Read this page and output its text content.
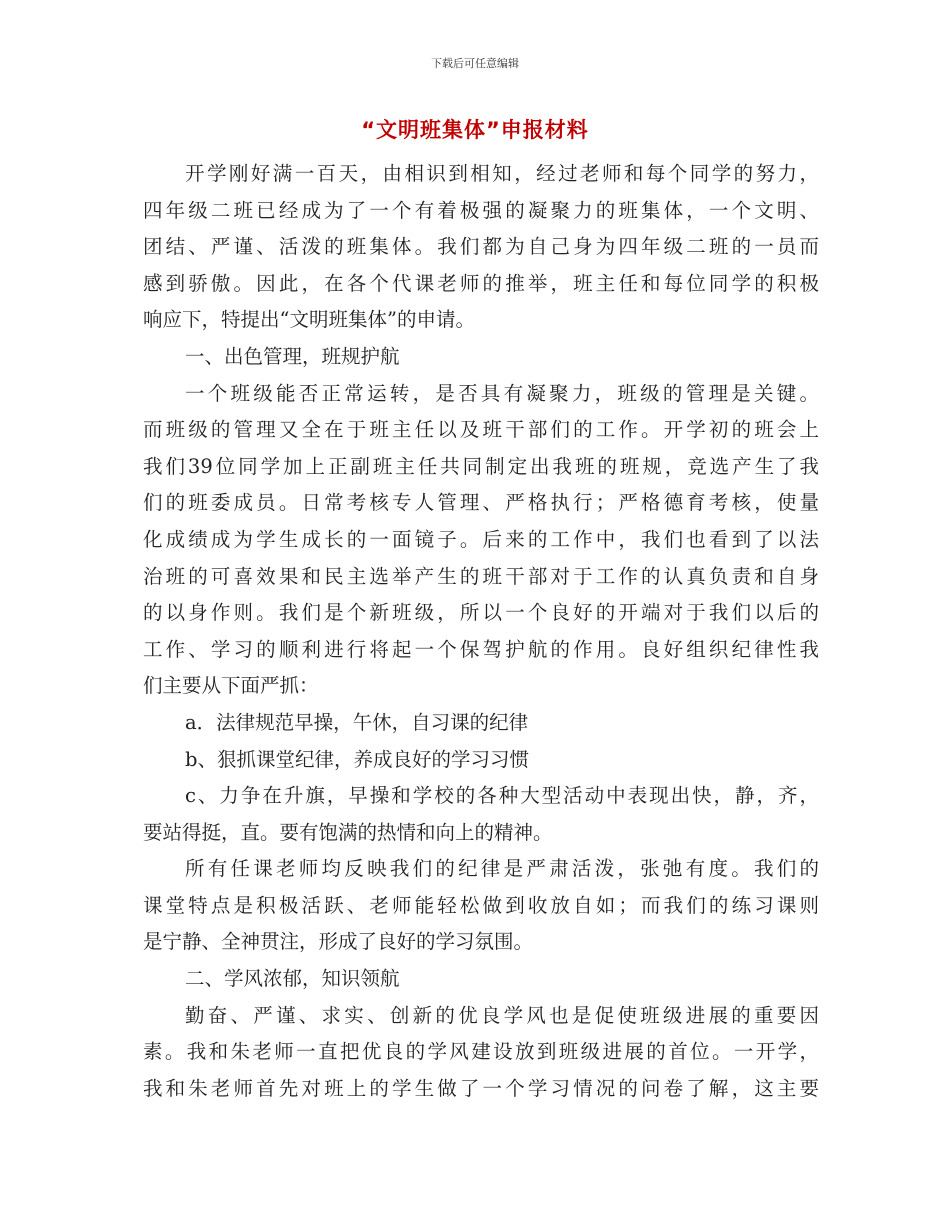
下载后可任意编辑
“文明班集体”申报材料
开学刚好满一百天，由相识到相知，经过老师和每个同学的努力，
四年级二班已经成为了一个有着极强的凝聚力的班集体，一个文明、
团结、严谨、活泼的班集体。我们都为自己身为四年级二班的一员而
感到骄傲。因此，在各个代课老师的推举，班主任和每位同学的积极
响应下，特提出“文明班集体”的申请。
一、出色管理，班规护航
一个班级能否正常运转，是否具有凝聚力，班级的管理是关键。
而班级的管理又全在于班主任以及班干部们的工作。开学初的班会上
我们39位同学加上正副班主任共同制定出我班的班规，竞选产生了我
们的班委成员。日常考核专人管理、严格执行；严格德育考核，使量
化成绩成为学生成长的一面镜子。后来的工作中，我们也看到了以法
治班的可喜效果和民主选举产生的班干部对于工作的认真负责和自身
的以身作则。我们是个新班级，所以一个良好的开端对于我们以后的
工作、学习的顺利进行将起一个保驾护航的作用。良好组织纪律性我
们主要从下面严抓：
a．法律规范早操，午休，自习课的纪律
b、狠抓课堂纪律，养成良好的学习习惯
c、力争在升旗，早操和学校的各种大型活动中表现出快，静，齐，
要站得挺，直。要有饱满的热情和向上的精神。
所有任课老师均反映我们的纪律是严肃活泼，张弛有度。我们的
课堂特点是积极活跃、老师能轻松做到收放自如；而我们的练习课则
是宁静、全神贯注，形成了良好的学习氛围。
二、学风浓郁，知识领航
勤奋、严谨、求实、创新的优良学风也是促使班级进展的重要因
素。我和朱老师一直把优良的学风建设放到班级进展的首位。一开学，
我和朱老师首先对班上的学生做了一个学习情况的问卷了解，这主要
